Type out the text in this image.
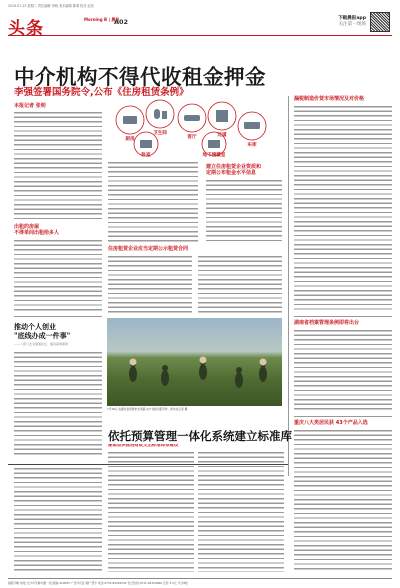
2019.07.23 星期二 责任编辑 李晓 美术编辑 陈明 校对 赵民
头条	Morning B | 晨报
A02	下载晨报app
关注第一现场
中介机构不得代收租金押金
李强签署国务院令,公布《住房租赁条例》
厨房
卫生间
客厅	过道
卧室	地下储藏室
车库
本报记者 张明
出租的房屋
不得单间出租给多人
推动个人创业
"底线办成一件事"
——八部门发文提速民生、服务高频事项
建立住房租赁企业资质和
定期公布租金水平信息
住房租赁企业应当定期公示租赁合同
7月16日,在湖北省恩施市龙凤镇,农户在稻田里劳作。新华社记者 摄
漏税制造价赁市场情况及对价格
湖南省档案管理条例即将出台
重庆八大类居民获 43个产品入选
依托预算管理一体化系统建立标准库
湖南加快推进财政支出标准体系建设
晨报印刷 地址:长沙市芙蓉中路一段 邮编:410005 广告许可证:湘广登字 电话:0731-84326532 发行热线:0731-84329966 定价:1.5元 今日8版
